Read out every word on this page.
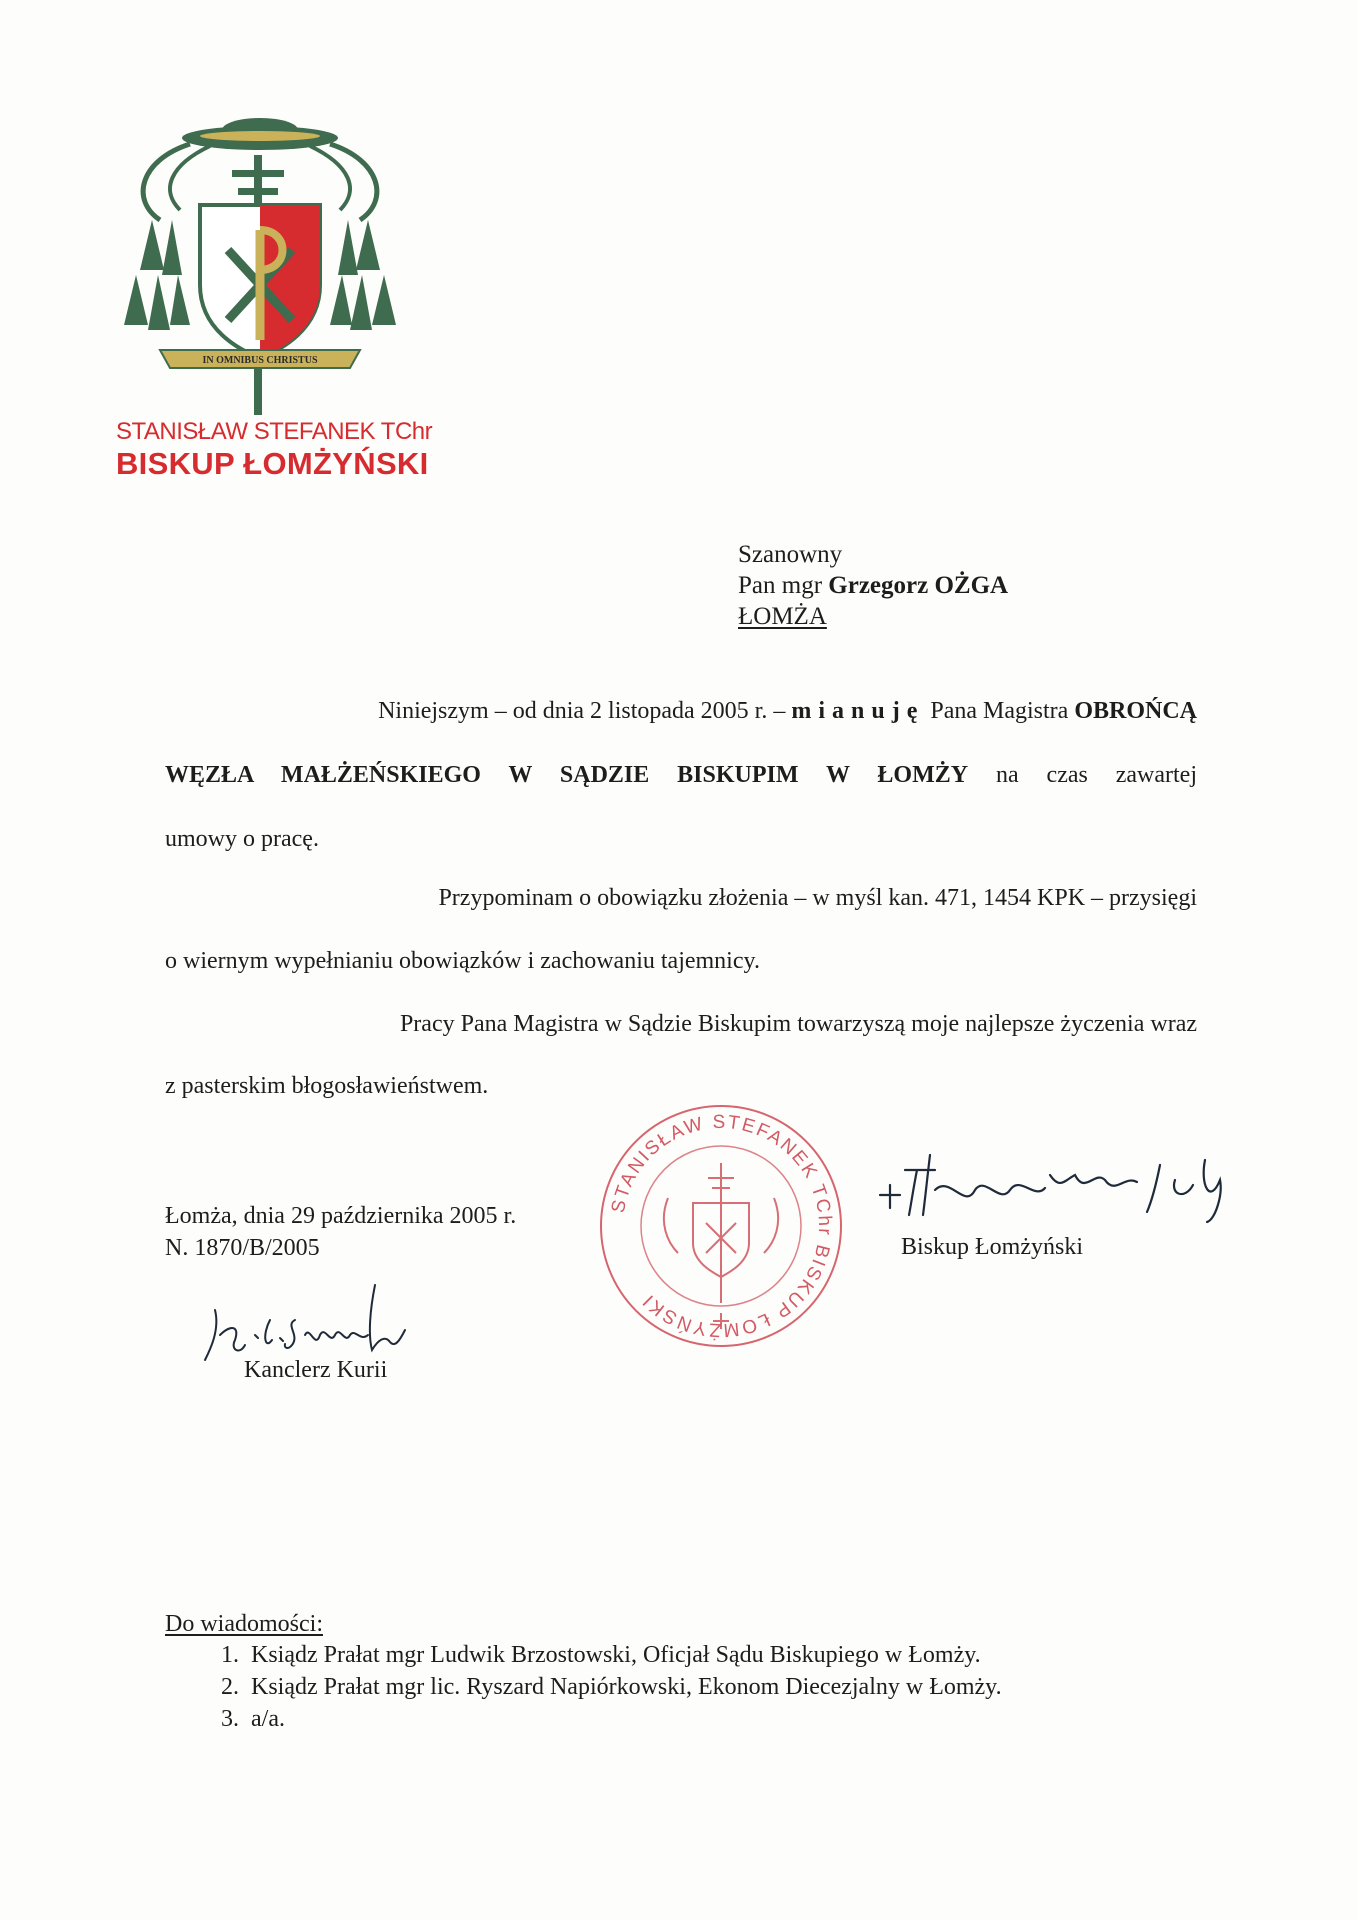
IN OMNIBUS CHRISTUS
STANISŁAW STEFANEK TChr
BISKUP ŁOMŻYŃSKI
Szanowny
Pan mgr Grzegorz OŻGA
ŁOMŻA
Niniejszym – od dnia 2 listopada 2005 r. – mianuję Pana Magistra OBROŃCĄ
WĘZŁA MAŁŻEŃSKIEGO W SĄDZIE BISKUPIM W ŁOMŻY na czas zawartej
umowy o pracę.
Przypominam o obowiązku złożenia – w myśl kan. 471, 1454 KPK – przysięgi
o wiernym wypełnianiu obowiązków i zachowaniu tajemnicy.
Pracy Pana Magistra w Sądzie Biskupim towarzyszą moje najlepsze życzenia wraz
z pasterskim błogosławieństwem.
STANISŁAW STEFANEK TChr BISKUP ŁOMŻYŃSKI
Łomża, dnia 29 października 2005 r.
N. 1870/B/2005
Kanclerz Kurii
Biskup Łomżyński
Do wiadomości:
1. Ksiądz Prałat mgr Ludwik Brzostowski, Oficjał Sądu Biskupiego w Łomży.
2. Ksiądz Prałat mgr lic. Ryszard Napiórkowski, Ekonom Diecezjalny w Łomży.
3. a/a.
